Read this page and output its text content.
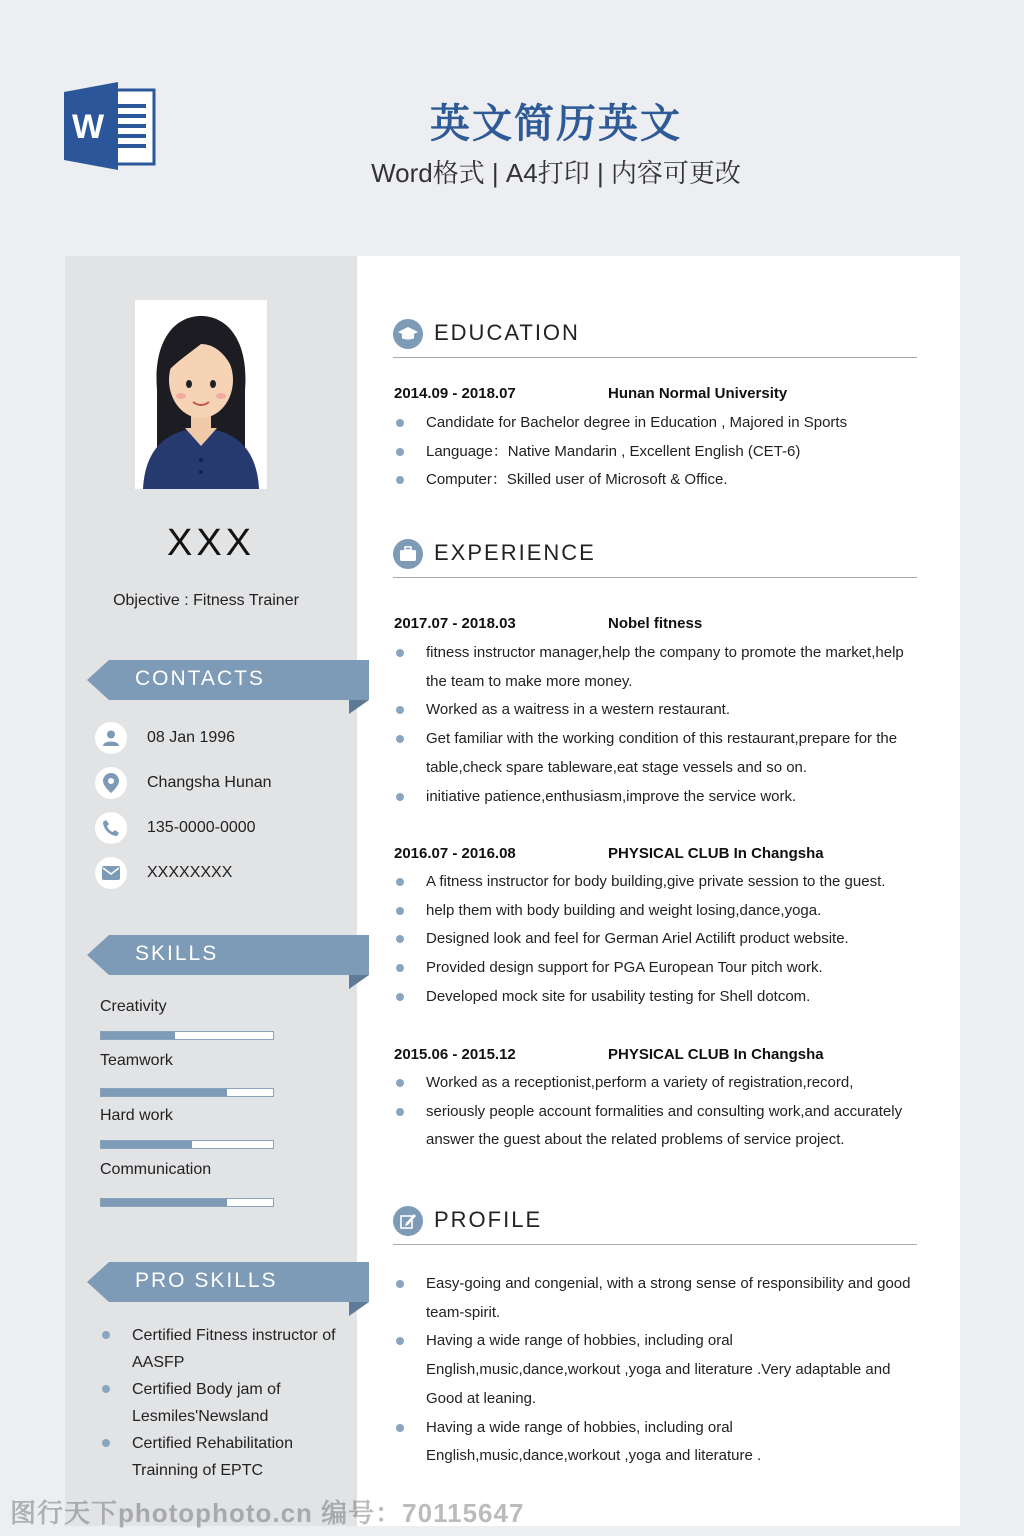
W	英文简历英文
Word格式 | A4打印 | 内容可更改
XXX
Objective : Fitness Trainer
CONTACTS
08 Jan 1996
Changsha Hunan
135-0000-0000
XXXXXXXX
SKILLS
Creativity
Teamwork
Hard work
Communication
PRO SKILLS
Certified Fitness instructor of AASFP
Certified Body jam of Lesmiles'Newsland
Certified Rehabilitation Trainning of EPTC
EDUCATION
2014.09 - 2018.07	Hunan Normal University
Candidate for Bachelor degree in Education , Majored in Sports
Language：Native Mandarin , Excellent English (CET-6)
Computer：Skilled user of Microsoft & Office.
EXPERIENCE
2017.07 - 2018.03	Nobel fitness
fitness instructor manager,help the company to promote the market,help the team to make more money.
Worked as a waitress in a western restaurant.
Get familiar with the working condition of this restaurant,prepare for the table,check spare tableware,eat stage vessels and so on.
initiative patience,enthusiasm,improve the service work.
2016.07 - 2016.08	PHYSICAL CLUB In Changsha
A fitness instructor for body building,give private session to the guest.
help them with body building and weight losing,dance,yoga.
Designed look and feel for German Ariel Actilift product website.
Provided design support for PGA European Tour pitch work.
Developed mock site for usability testing for Shell dotcom.
2015.06 - 2015.12	PHYSICAL CLUB In Changsha
Worked as a receptionist,perform a variety of registration,record,
seriously people account formalities and consulting work,and accurately answer the guest about the related problems of service project.
PROFILE
Easy-going and congenial, with a strong sense of responsibility and good team-spirit.
Having a wide range of hobbies, including oral English,music,dance,workout ,yoga and literature .Very adaptable and Good at leaning.
Having a wide range of hobbies, including oral English,music,dance,workout ,yoga and literature .
图行天下photophoto.cn 编号：70115647
